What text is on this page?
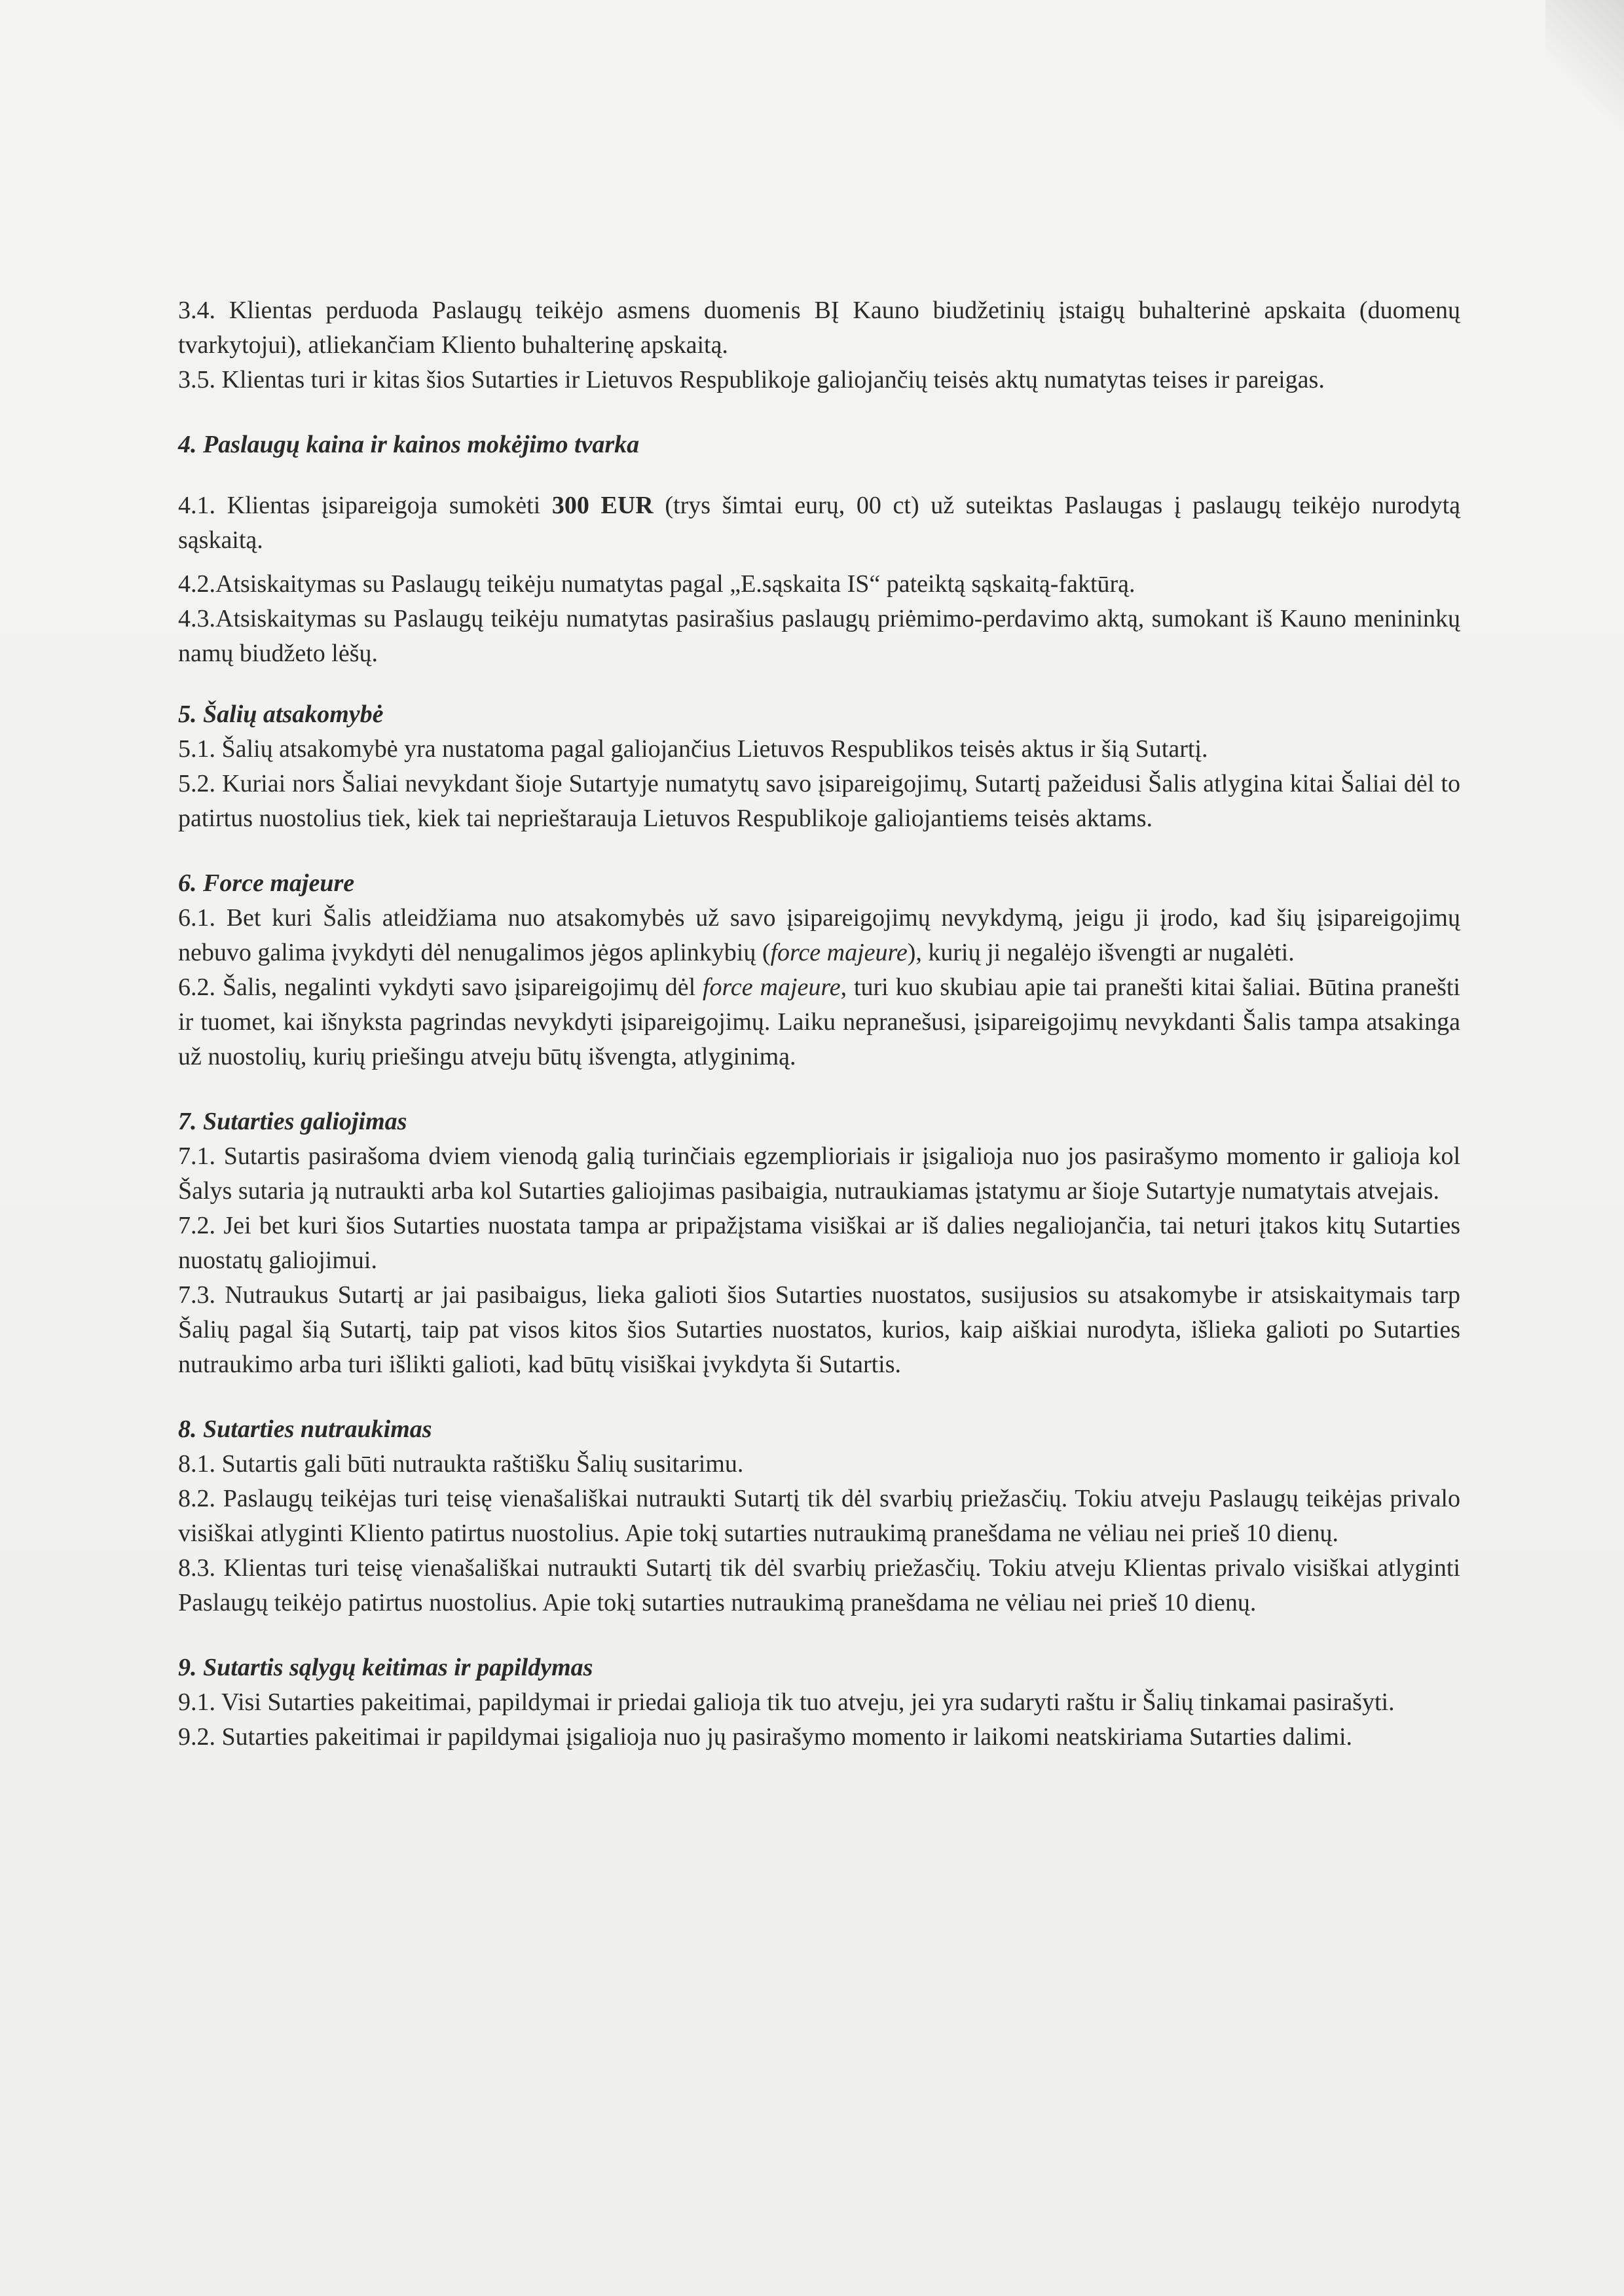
3.4. Klientas perduoda Paslaugų teikėjo asmens duomenis BĮ Kauno biudžetinių įstaigų buhalterinė apskaita (duomenų tvarkytojui), atliekančiam Kliento buhalterinę apskaitą.

3.5. Klientas turi ir kitas šios Sutarties ir Lietuvos Respublikoje galiojančių teisės aktų numatytas teises ir pareigas.

4. Paslaugų kaina ir kainos mokėjimo tvarka

4.1. Klientas įsipareigoja sumokėti 300 EUR (trys šimtai eurų, 00 ct) už suteiktas Paslaugas į paslaugų teikėjo nurodytą sąskaitą.

4.2.Atsiskaitymas su Paslaugų teikėju numatytas pagal „E.sąskaita IS“ pateiktą sąskaitą-faktūrą.

4.3.Atsiskaitymas su Paslaugų teikėju numatytas pasirašius paslaugų priėmimo-perdavimo aktą, sumokant iš Kauno menininkų namų biudžeto lėšų.

5. Šalių atsakomybė

5.1. Šalių atsakomybė yra nustatoma pagal galiojančius Lietuvos Respublikos teisės aktus ir šią Sutartį.

5.2. Kuriai nors Šaliai nevykdant šioje Sutartyje numatytų savo įsipareigojimų, Sutartį pažeidusi Šalis atlygina kitai Šaliai dėl to patirtus nuostolius tiek, kiek tai neprieštarauja Lietuvos Respublikoje galiojantiems teisės aktams.

6. Force majeure

6.1. Bet kuri Šalis atleidžiama nuo atsakomybės už savo įsipareigojimų nevykdymą, jeigu ji įrodo, kad šių įsipareigojimų nebuvo galima įvykdyti dėl nenugalimos jėgos aplinkybių (force majeure), kurių ji negalėjo išvengti ar nugalėti.

6.2. Šalis, negalinti vykdyti savo įsipareigojimų dėl force majeure, turi kuo skubiau apie tai pranešti kitai šaliai. Būtina pranešti ir tuomet, kai išnyksta pagrindas nevykdyti įsipareigojimų. Laiku nepranešusi, įsipareigojimų nevykdanti Šalis tampa atsakinga už nuostolių, kurių priešingu atveju būtų išvengta, atlyginimą.

7. Sutarties galiojimas

7.1. Sutartis pasirašoma dviem vienodą galią turinčiais egzemplioriais ir įsigalioja nuo jos pasirašymo momento ir galioja kol Šalys sutaria ją nutraukti arba kol Sutarties galiojimas pasibaigia, nutraukiamas įstatymu ar šioje Sutartyje numatytais atvejais.

7.2. Jei bet kuri šios Sutarties nuostata tampa ar pripažįstama visiškai ar iš dalies negaliojančia, tai neturi įtakos kitų Sutarties nuostatų galiojimui.

7.3. Nutraukus Sutartį ar jai pasibaigus, lieka galioti šios Sutarties nuostatos, susijusios su atsakomybe ir atsiskaitymais tarp Šalių pagal šią Sutartį, taip pat visos kitos šios Sutarties nuostatos, kurios, kaip aiškiai nurodyta, išlieka galioti po Sutarties nutraukimo arba turi išlikti galioti, kad būtų visiškai įvykdyta ši Sutartis.

8. Sutarties nutraukimas

8.1. Sutartis gali būti nutraukta raštišku Šalių susitarimu.

8.2. Paslaugų teikėjas turi teisę vienašališkai nutraukti Sutartį tik dėl svarbių priežasčių. Tokiu atveju Paslaugų teikėjas privalo visiškai atlyginti Kliento patirtus nuostolius. Apie tokį sutarties nutraukimą pranešdama ne vėliau nei prieš 10 dienų.

8.3. Klientas turi teisę vienašališkai nutraukti Sutartį tik dėl svarbių priežasčių. Tokiu atveju Klientas privalo visiškai atlyginti Paslaugų teikėjo patirtus nuostolius. Apie tokį sutarties nutraukimą pranešdama ne vėliau nei prieš 10 dienų.

9. Sutartis sąlygų keitimas ir papildymas

9.1. Visi Sutarties pakeitimai, papildymai ir priedai galioja tik tuo atveju, jei yra sudaryti raštu ir Šalių tinkamai pasirašyti.

9.2. Sutarties pakeitimai ir papildymai įsigalioja nuo jų pasirašymo momento ir laikomi neatskiriama Sutarties dalimi.
